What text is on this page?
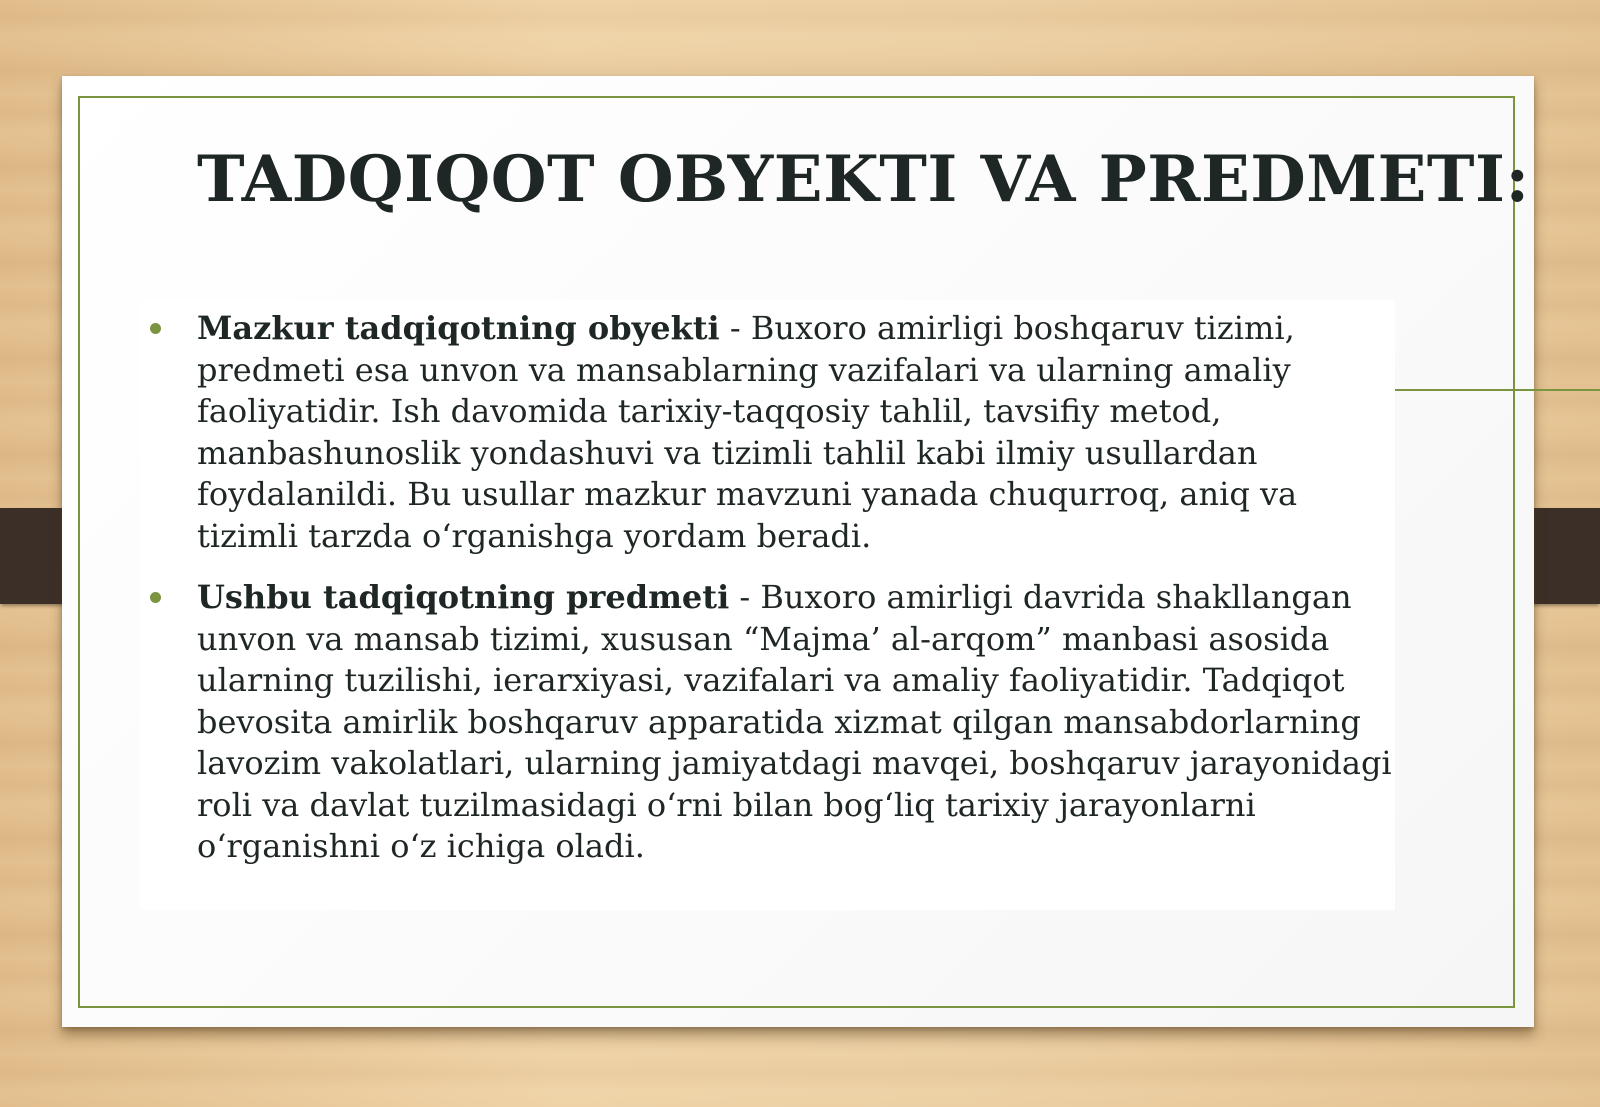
TADQIQOT OBYEKTI VA PREDMETI:
Mazkur tadqiqotning obyekti - Buxoro amirligi boshqaruv tizimi, predmeti esa unvon va mansablarning vazifalari va ularning amaliy faoliyatidir. Ish davomida tarixiy-taqqosiy tahlil, tavsifiy metod, manbashunoslik yondashuvi va tizimli tahlil kabi ilmiy usullardan foydalanildi. Bu usullar mazkur mavzuni yanada chuqurroq, aniq va tizimli tarzda o‘rganishga yordam beradi.
Ushbu tadqiqotning predmeti - Buxoro amirligi davrida shakllangan unvon va mansab tizimi, xususan “Majma’ al-arqom” manbasi asosida ularning tuzilishi, ierarxiyasi, vazifalari va amaliy faoliyatidir. Tadqiqot bevosita amirlik boshqaruv apparatida xizmat qilgan mansabdorlarning lavozim vakolatlari, ularning jamiyatdagi mavqei, boshqaruv jarayonidagi roli va davlat tuzilmasidagi o‘rni bilan bog‘liq tarixiy jarayonlarni o‘rganishni o‘z ichiga oladi.
